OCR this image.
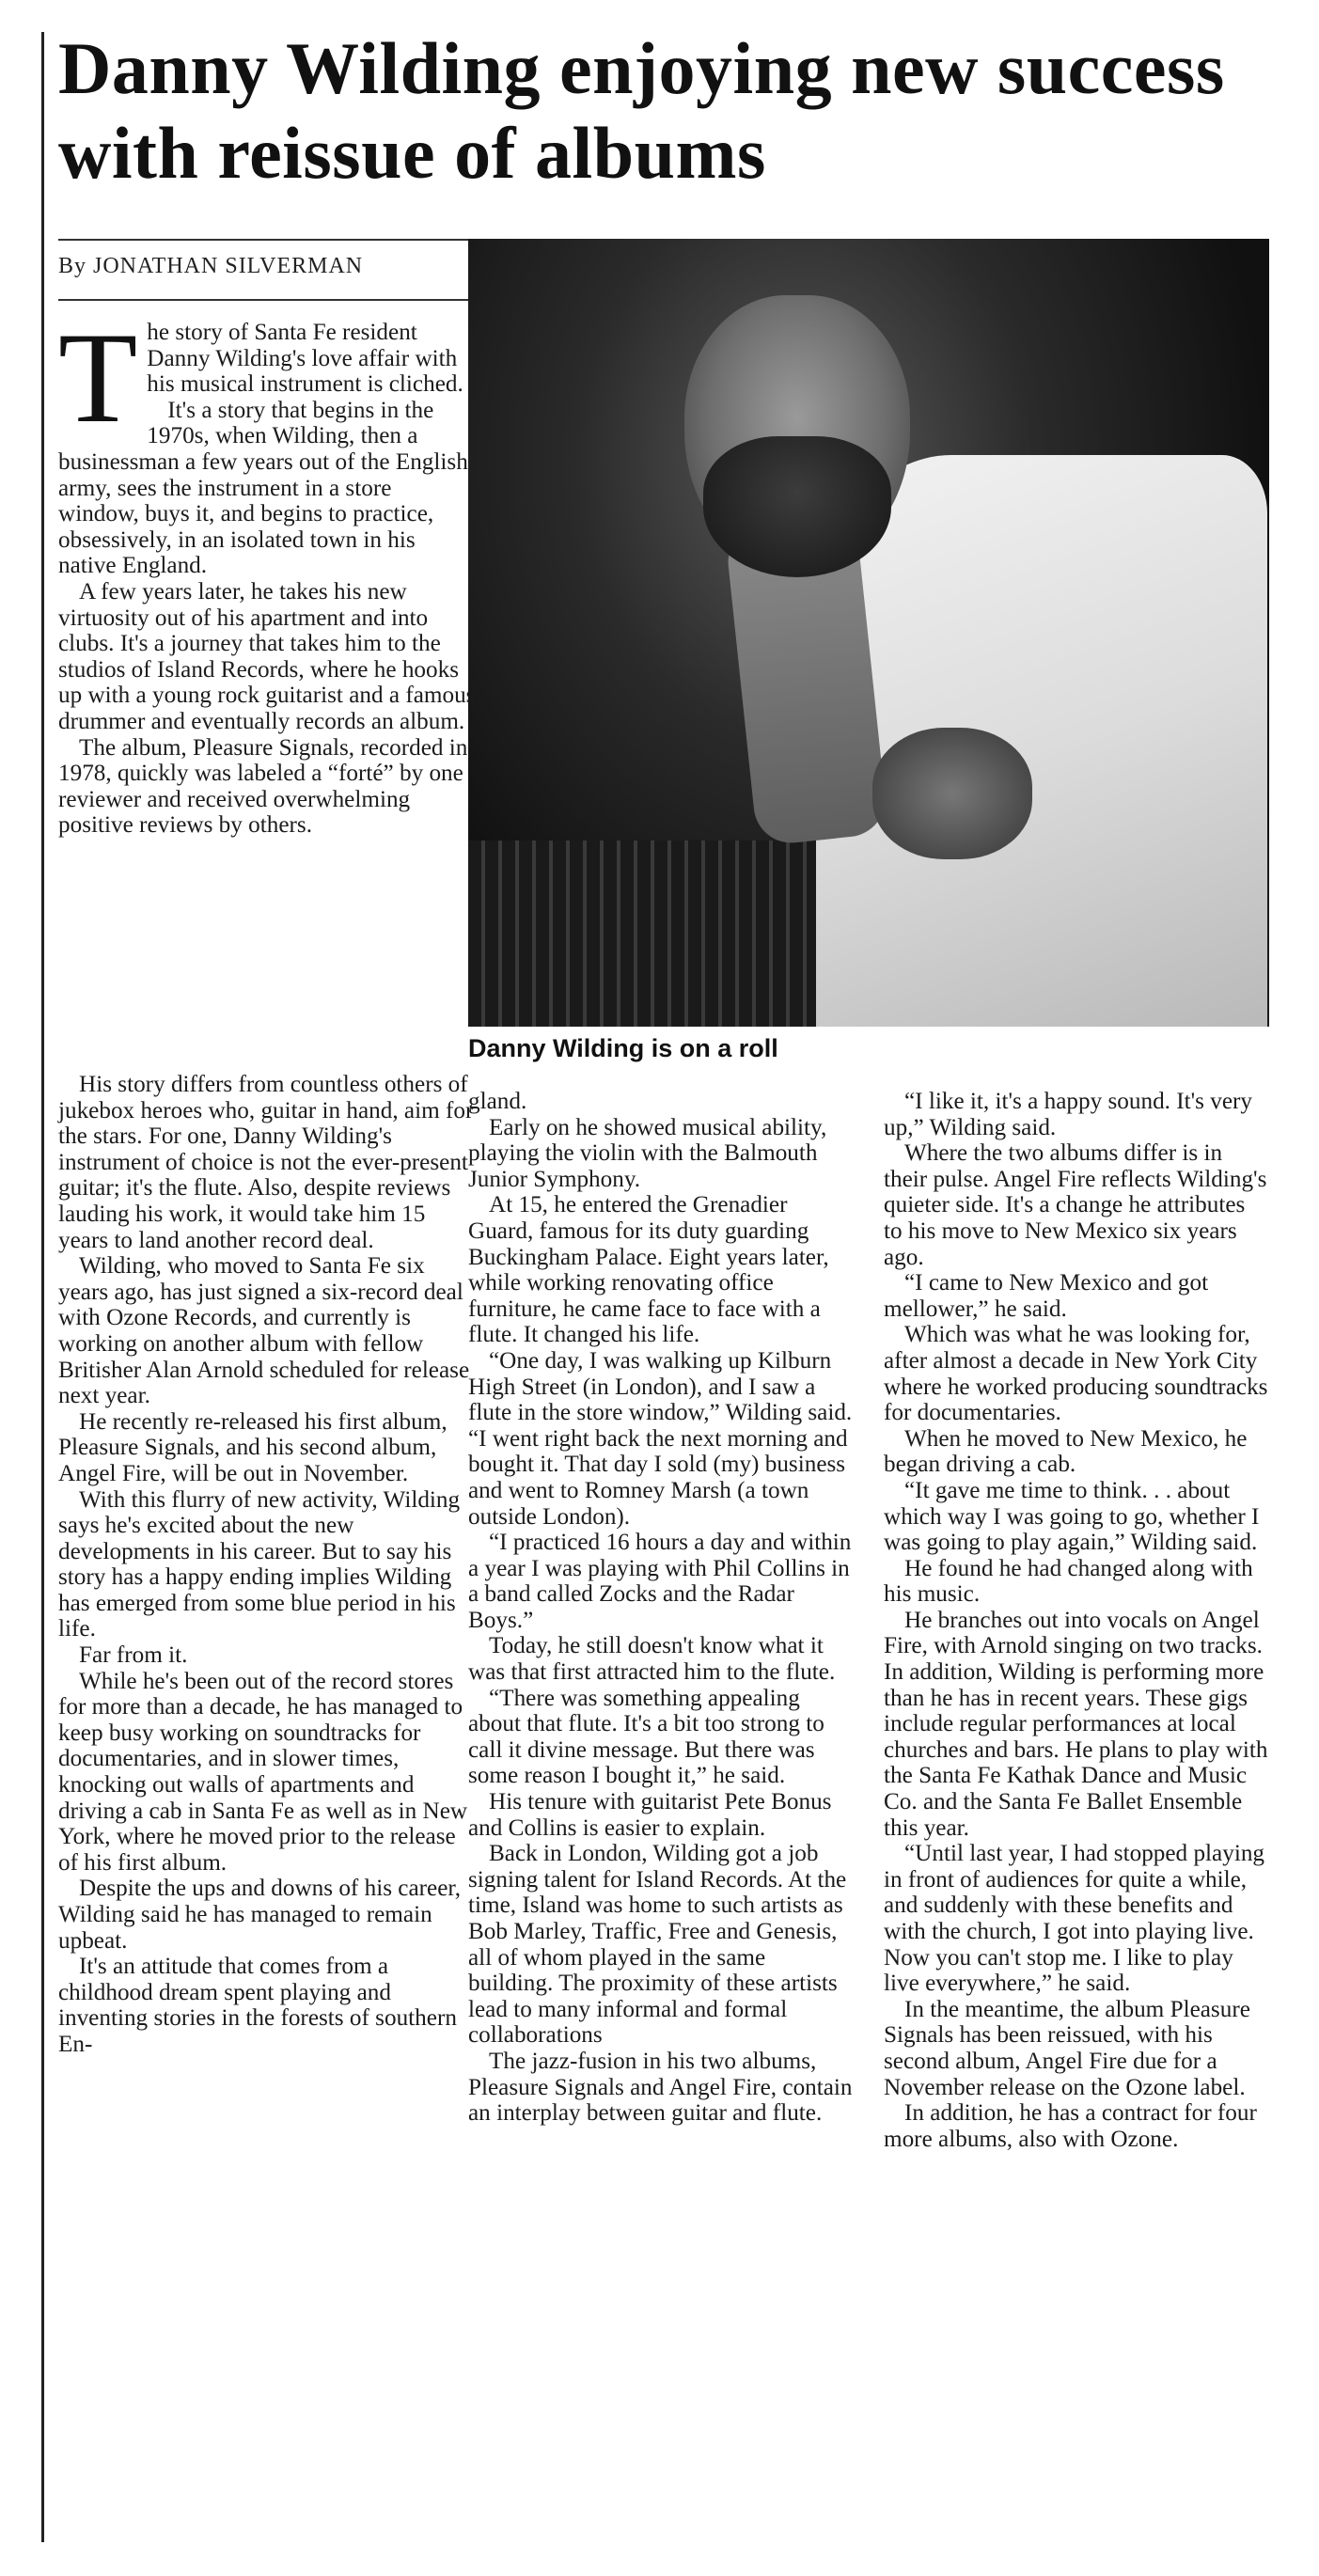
Danny Wilding enjoying new success with reissue of albums
By JONATHAN SILVERMAN
Danny Wilding is on a roll

The story of Santa Fe resident Danny Wilding's love affair with his musical instrument is cliched.

It's a story that begins in the 1970s, when Wilding, then a businessman a few years out of the English army, sees the instrument in a store window, buys it, and begins to practice, obsessively, in an isolated town in his native England.

A few years later, he takes his new virtuosity out of his apartment and into clubs. It's a journey that takes him to the studios of Island Records, where he hooks up with a young rock guitarist and a famous drummer and eventually records an album.

The album, Pleasure Signals, recorded in 1978, quickly was labeled a “forté” by one reviewer and received overwhelming positive reviews by others.

His story differs from countless others of jukebox heroes who, guitar in hand, aim for the stars. For one, Danny Wilding's instrument of choice is not the ever-present guitar; it's the flute. Also, despite reviews lauding his work, it would take him 15 years to land another record deal.

Wilding, who moved to Santa Fe six years ago, has just signed a six-record deal with Ozone Records, and currently is working on another album with fellow Britisher Alan Arnold scheduled for release next year.

He recently re-released his first album, Pleasure Signals, and his second album, Angel Fire, will be out in November.

With this flurry of new activity, Wilding says he's excited about the new developments in his career. But to say his story has a happy ending implies Wilding has emerged from some blue period in his life.

Far from it.

While he's been out of the record stores for more than a decade, he has managed to keep busy working on soundtracks for documentaries, and in slower times, knocking out walls of apartments and driving a cab in Santa Fe as well as in New York, where he moved prior to the release of his first album.

Despite the ups and downs of his career, Wilding said he has managed to remain upbeat.

It's an attitude that comes from a childhood dream spent playing and inventing stories in the forests of southern En-

gland.

Early on he showed musical ability, playing the violin with the Balmouth Junior Symphony.

At 15, he entered the Grenadier Guard, famous for its duty guarding Buckingham Palace. Eight years later, while working renovating office furniture, he came face to face with a flute. It changed his life.

“One day, I was walking up Kilburn High Street (in London), and I saw a flute in the store window,” Wilding said. “I went right back the next morning and bought it. That day I sold (my) business and went to Romney Marsh (a town outside London).

“I practiced 16 hours a day and within a year I was playing with Phil Collins in a band called Zocks and the Radar Boys.”

Today, he still doesn't know what it was that first attracted him to the flute.

“There was something appealing about that flute. It's a bit too strong to call it divine message. But there was some reason I bought it,” he said.

His tenure with guitarist Pete Bonus and Collins is easier to explain.

Back in London, Wilding got a job signing talent for Island Records. At the time, Island was home to such artists as Bob Marley, Traffic, Free and Genesis, all of whom played in the same building. The proximity of these artists lead to many informal and formal collaborations

The jazz-fusion in his two albums, Pleasure Signals and Angel Fire, contain an interplay between guitar and flute.

“I like it, it's a happy sound. It's very up,” Wilding said.

Where the two albums differ is in their pulse. Angel Fire reflects Wilding's quieter side. It's a change he attributes to his move to New Mexico six years ago.

“I came to New Mexico and got mellower,” he said.

Which was what he was looking for, after almost a decade in New York City where he worked producing soundtracks for documentaries.

When he moved to New Mexico, he began driving a cab.

“It gave me time to think. . . about which way I was going to go, whether I was going to play again,” Wilding said.

He found he had changed along with his music.

He branches out into vocals on Angel Fire, with Arnold singing on two tracks. In addition, Wilding is performing more than he has in recent years. These gigs include regular performances at local churches and bars. He plans to play with the Santa Fe Kathak Dance and Music Co. and the Santa Fe Ballet Ensemble this year.

“Until last year, I had stopped playing in front of audiences for quite a while, and suddenly with these benefits and with the church, I got into playing live. Now you can't stop me. I like to play live everywhere,” he said.

In the meantime, the album Pleasure Signals has been reissued, with his second album, Angel Fire due for a November release on the Ozone label.

In addition, he has a contract for four more albums, also with Ozone.
